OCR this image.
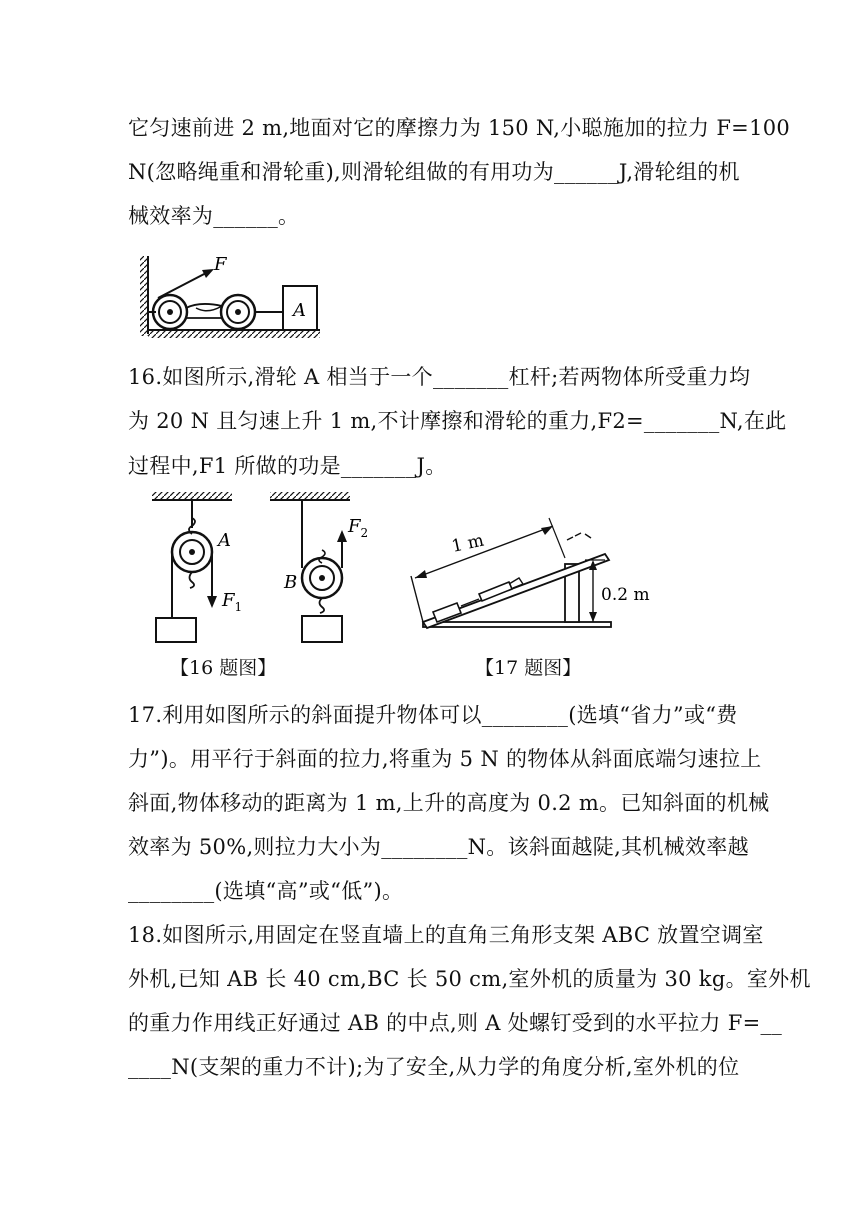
它匀速前进 2 m,地面对它的摩擦力为 150 N,小聪施加的拉力 F=100
N(忽略绳重和滑轮重),则滑轮组做的有用功为______J,滑轮组的机
械效率为______。
F
A
16.如图所示,滑轮 A 相当于一个_______杠杆;若两物体所受重力均
为 20 N 且匀速上升 1 m,不计摩擦和滑轮的重力,F2=_______N,在此
过程中,F1 所做的功是_______J。
A
$F_1$
B
$F_2$	1 m
0.2 m
【16 题图】	【17 题图】
17.利用如图所示的斜面提升物体可以________(选填“省力”或“费
力”)。用平行于斜面的拉力,将重为 5 N 的物体从斜面底端匀速拉上
斜面,物体移动的距离为 1 m,上升的高度为 0.2 m。已知斜面的机械
效率为 50%,则拉力大小为________N。该斜面越陡,其机械效率越
________(选填“高”或“低”)。
18.如图所示,用固定在竖直墙上的直角三角形支架 ABC 放置空调室
外机,已知 AB 长 40 cm,BC 长 50 cm,室外机的质量为 30 kg。室外机
的重力作用线正好通过 AB 的中点,则 A 处螺钉受到的水平拉力 F=__
____N(支架的重力不计);为了安全,从力学的角度分析,室外机的位
